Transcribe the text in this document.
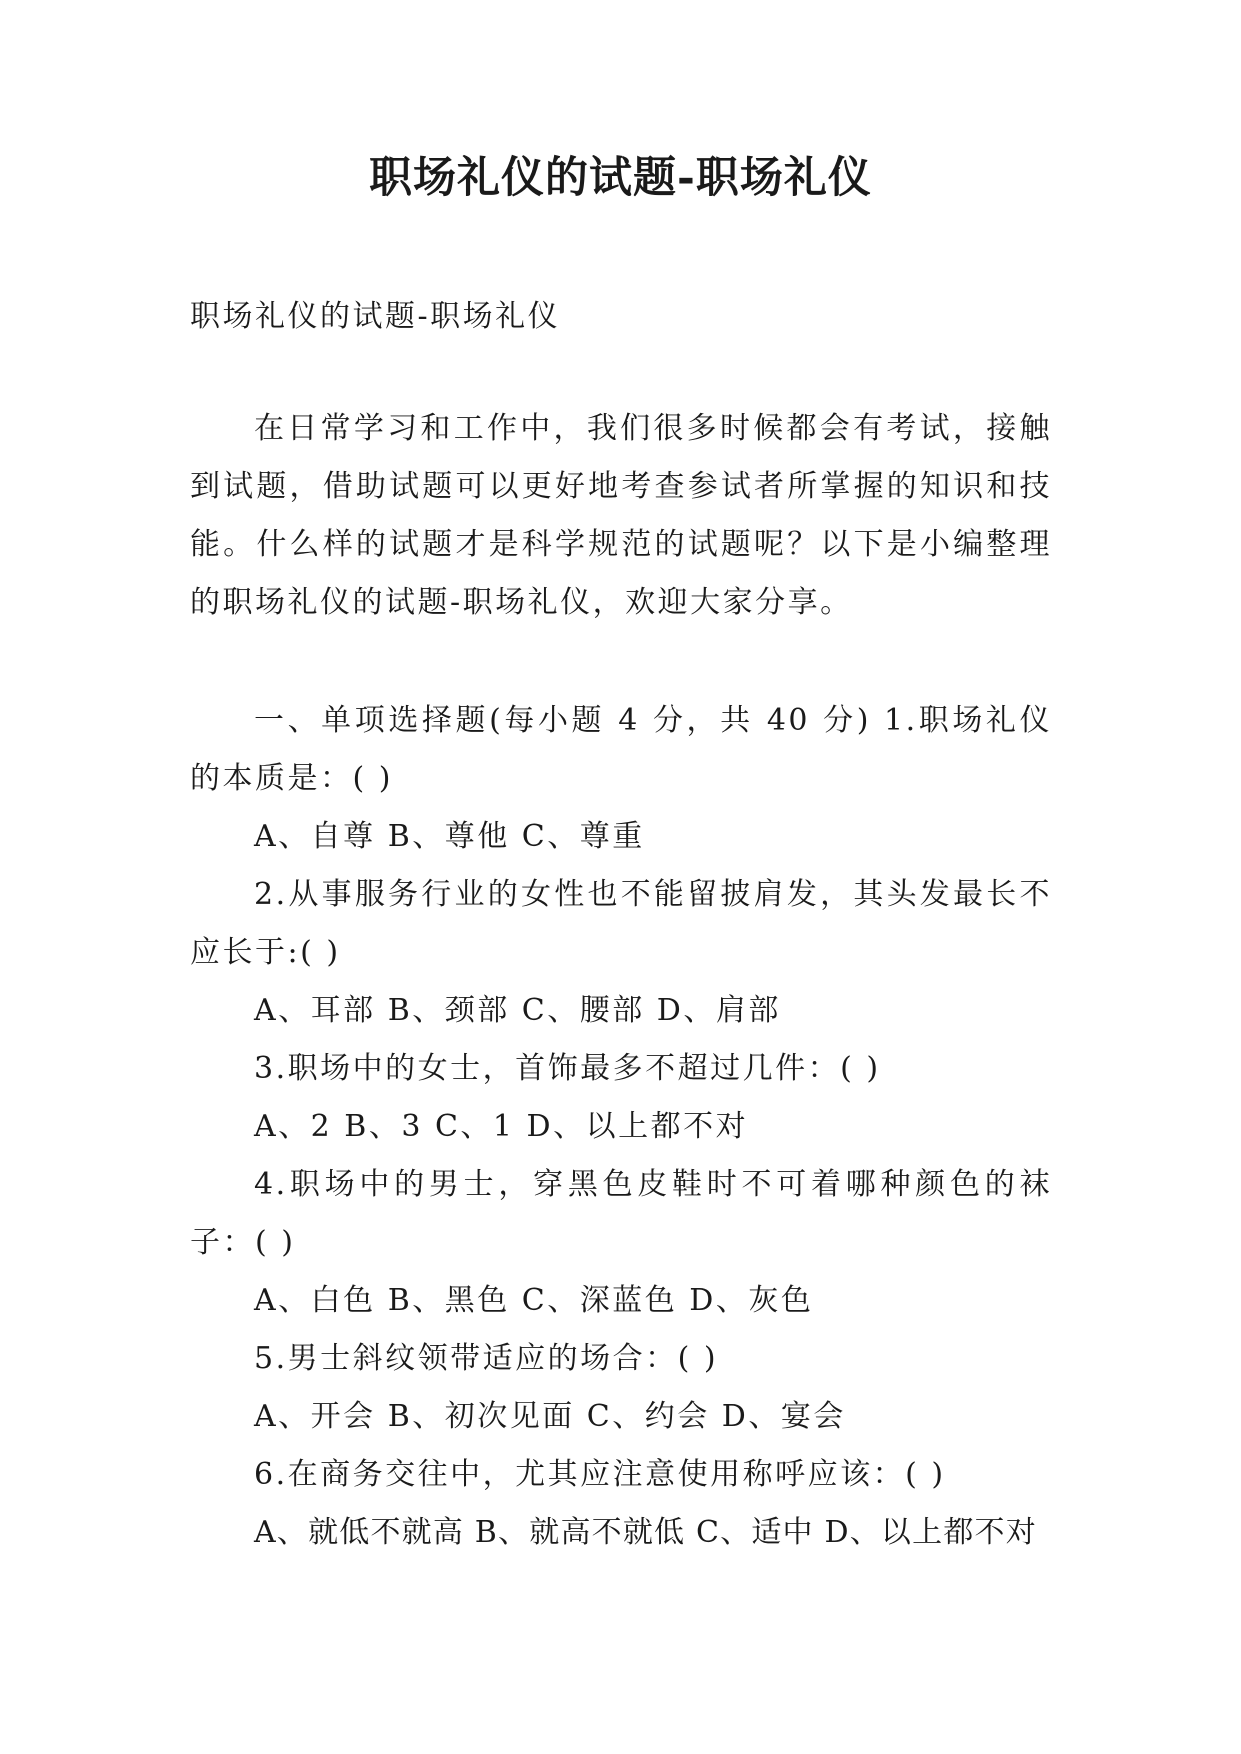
职场礼仪的试题-职场礼仪
职场礼仪的试题-职场礼仪
在日常学习和工作中，我们很多时候都会有考试，接触到试题，借助试题可以更好地考查参试者所掌握的知识和技能。什么样的试题才是科学规范的试题呢？以下是小编整理的职场礼仪的试题-职场礼仪，欢迎大家分享。

一、单项选择题(每小题 4 分，共 40 分) 1.职场礼仪的本质是：( )

A、自尊 B、尊他 C、尊重

2.从事服务行业的女性也不能留披肩发，其头发最长不应长于:( )

A、耳部 B、颈部 C、腰部 D、肩部

3.职场中的女士，首饰最多不超过几件：( )

A、2 B、3 C、1 D、以上都不对

4.职场中的男士，穿黑色皮鞋时不可着哪种颜色的袜子：( )

A、白色 B、黑色 C、深蓝色 D、灰色

5.男士斜纹领带适应的场合：( )

A、开会 B、初次见面 C、约会 D、宴会

6.在商务交往中，尤其应注意使用称呼应该：( )

A、就低不就高 B、就高不就低 C、适中 D、以上都不对
